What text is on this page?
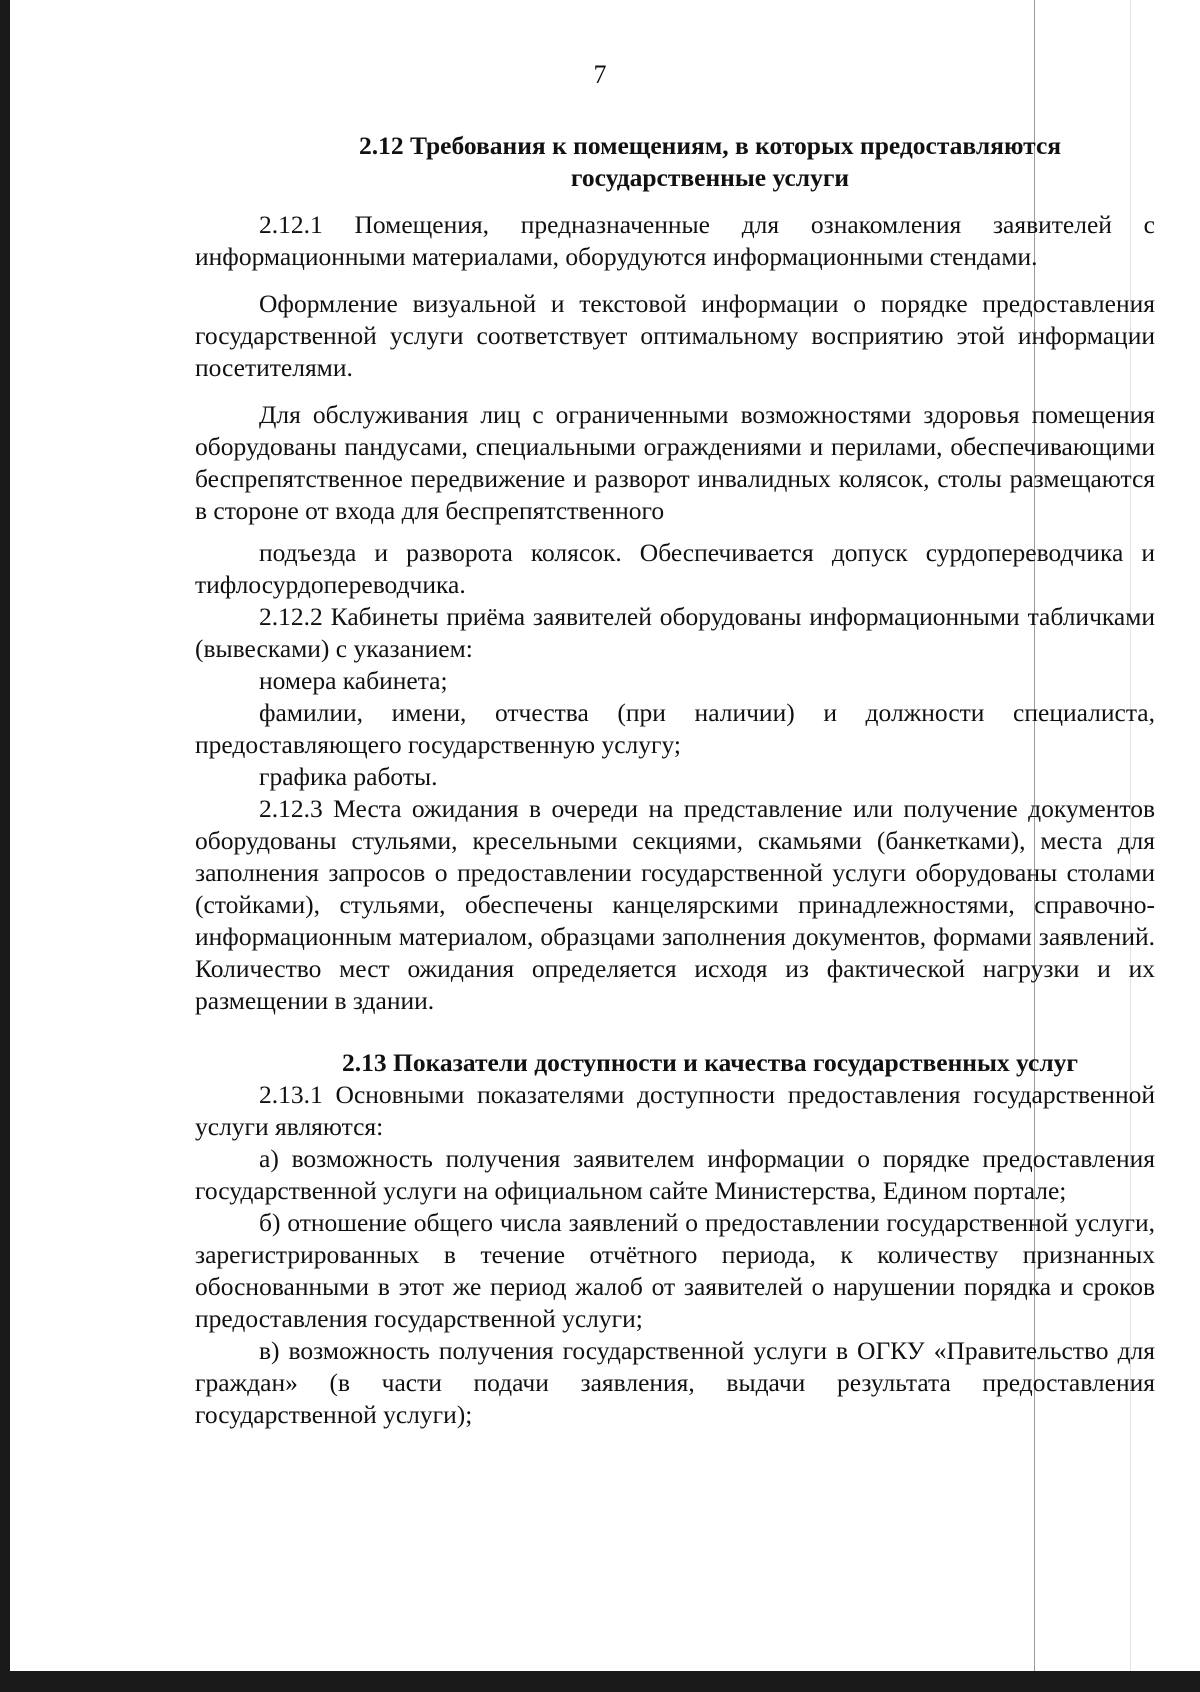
7
2.12 Требования к помещениям, в которых предоставляются
государственные услуги

2.12.1 Помещения, предназначенные для ознакомления заявителей с информационными материалами, оборудуются информационными стендами.

Оформление визуальной и текстовой информации о порядке предоставления государственной услуги соответствует оптимальному восприятию этой информации посетителями.

Для обслуживания лиц с ограниченными возможностями здоровья помещения оборудованы пандусами, специальными ограждениями и перилами, обеспечивающими беспрепятственное передвижение и разворот инвалидных колясок, столы размещаются в стороне от входа для беспрепятственного

подъезда и разворота колясок. Обеспечивается допуск сурдопереводчика и тифлосурдопереводчика.

2.12.2 Кабинеты приёма заявителей оборудованы информационными табличками (вывесками) с указанием:

номера кабинета;

фамилии, имени, отчества (при наличии) и должности специалиста, предоставляющего государственную услугу;

графика работы.

2.12.3 Места ожидания в очереди на представление или получение документов оборудованы стульями, кресельными секциями, скамьями (банкетками), места для заполнения запросов о предоставлении государственной услуги оборудованы столами (стойками), стульями, обеспечены канцелярскими принадлежностями, справочно-информационным материалом, образцами заполнения документов, формами заявлений. Количество мест ожидания определяется исходя из фактической нагрузки и их размещении в здании.

2.13 Показатели доступности и качества государственных услуг

2.13.1 Основными показателями доступности предоставления государственной услуги являются:

а) возможность получения заявителем информации о порядке предоставления государственной услуги на официальном сайте Министерства, Едином портале;

б) отношение общего числа заявлений о предоставлении государственной услуги, зарегистрированных в течение отчётного периода, к количеству признанных обоснованными в этот же период жалоб от заявителей о нарушении порядка и сроков предоставления государственной услуги;

в) возможность получения государственной услуги в ОГКУ «Правительство для граждан» (в части подачи заявления, выдачи результата предоставления государственной услуги);
